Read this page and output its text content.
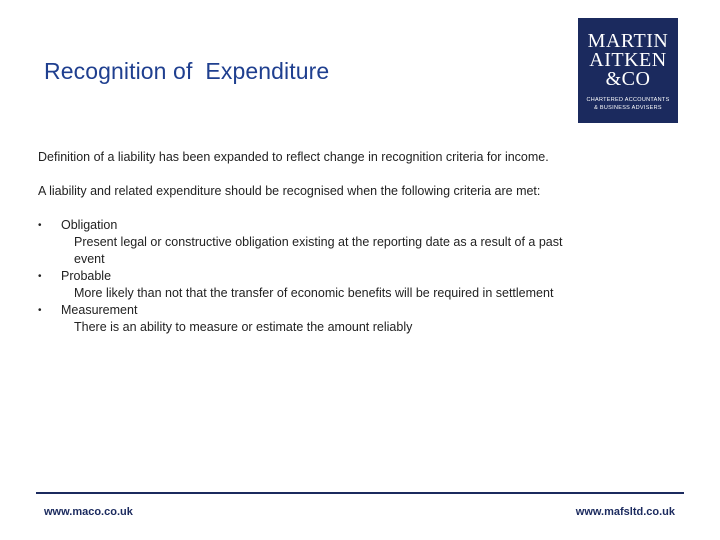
Recognition of  Expenditure
MARTIN
AITKEN
&CO
CHARTERED ACCOUNTANTS
& BUSINESS ADVISERS

Definition of a liability has been expanded to reflect change in recognition criteria for income.

A liability and related expenditure should be recognised when the following criteria are met:

• Obligation
Present legal or constructive obligation existing at the reporting date as a result of a past event
• Probable
More likely than not that the transfer of economic benefits will be required in settlement
• Measurement
There is an ability to measure or estimate the amount reliably
www.maco.co.uk	www.mafsltd.co.uk
